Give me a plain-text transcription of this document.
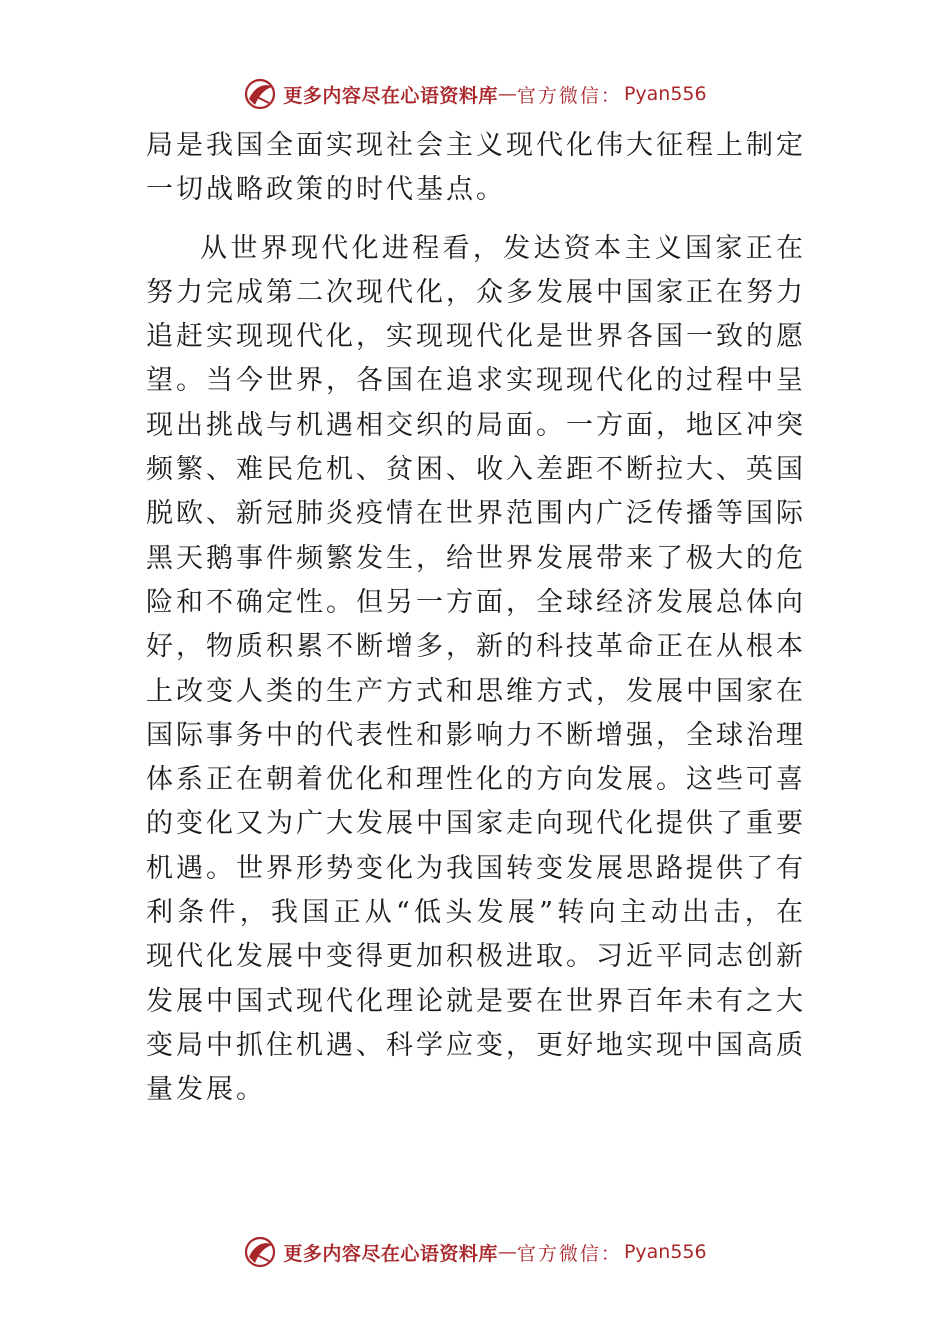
更多内容尽在心语资料库 — 官方微信： Pyan556

局是我国全面实现社会主义现代化伟大征程上制定一切战略政策的时代基点。

从世界现代化进程看，发达资本主义国家正在努力完成第二次现代化，众多发展中国家正在努力追赶实现现代化，实现现代化是世界各国一致的愿望。当今世界，各国在追求实现现代化的过程中呈现出挑战与机遇相交织的局面。一方面，地区冲突频繁、难民危机、贫困、收入差距不断拉大、英国脱欧、新冠肺炎疫情在世界范围内广泛传播等国际黑天鹅事件频繁发生，给世界发展带来了极大的危险和不确定性。但另一方面，全球经济发展总体向好，物质积累不断增多，新的科技革命正在从根本上改变人类的生产方式和思维方式，发展中国家在国际事务中的代表性和影响力不断增强，全球治理体系正在朝着优化和理性化的方向发展。这些可喜的变化又为广大发展中国家走向现代化提供了重要机遇。世界形势变化为我国转变发展思路提供了有利条件，我国正从“低头发展”转向主动出击，在现代化发展中变得更加积极进取。习近平同志创新发展中国式现代化理论就是要在世界百年未有之大变局中抓住机遇、科学应变，更好地实现中国高质量发展。

更多内容尽在心语资料库 — 官方微信： Pyan556
